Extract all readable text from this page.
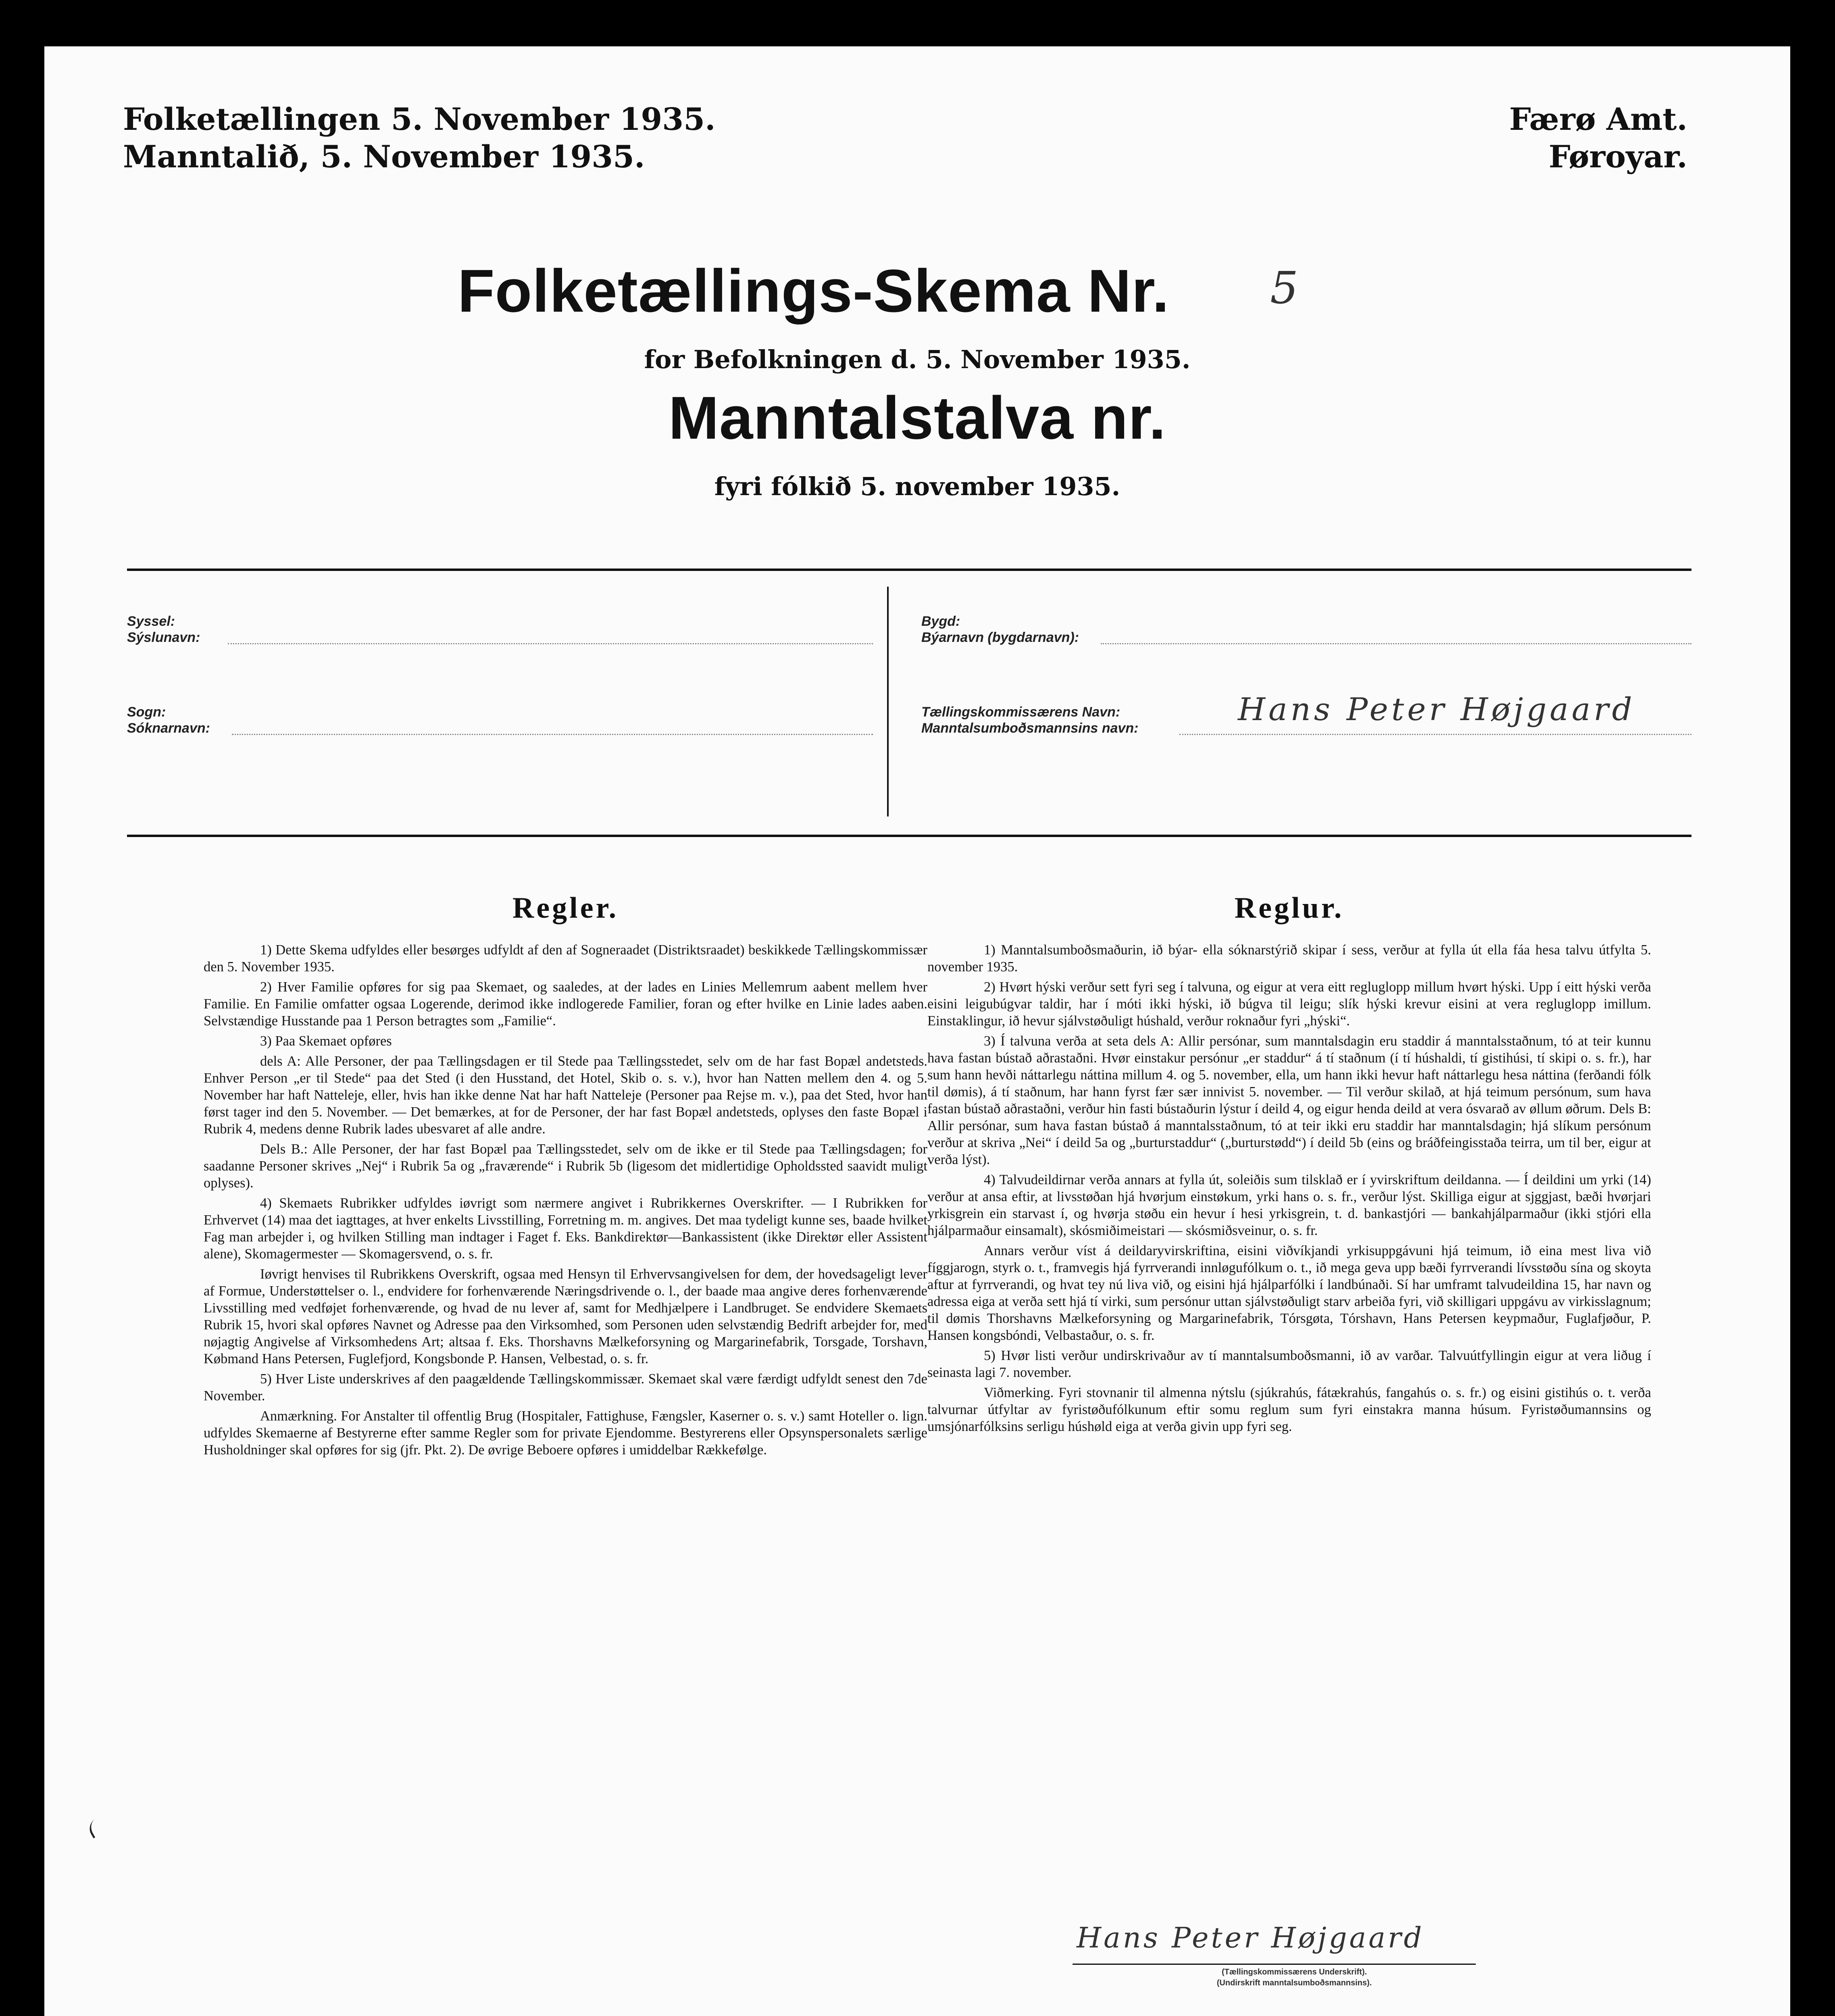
Folketællingen 5. November 1935.
Manntalið, 5. November 1935.
Færø Amt.
Føroyar.
Folketællings-Skema Nr. 5
for Befolkningen d. 5. November 1935.
Manntalstalva nr.
fyri fólkið 5. november 1935.
Syssel:
Sýslunavn:
Sogn:
Sóknarnavn:
Bygd:
Býarnavn (bygdarnavn):
Tællingskommissærens Navn:
Manntalsumboðsmannsins navn:
Hans Peter Højgaard
Regler.

1) Dette Skema udfyldes eller besørges udfyldt af den af Sogneraadet (Distriktsraadet) beskikkede Tællingskommissær den 5. November 1935.

2) Hver Familie opføres for sig paa Skemaet, og saaledes, at der lades en Linies Mellemrum aabent mellem hver Familie. En Familie omfatter ogsaa Logerende, derimod ikke indlogerede Familier, foran og efter hvilke en Linie lades aaben. Selvstændige Husstande paa 1 Person betragtes som „Familie“.

3) Paa Skemaet opføres

dels A: Alle Personer, der paa Tællingsdagen er til Stede paa Tællingsstedet, selv om de har fast Bopæl andetsteds. Enhver Person „er til Stede“ paa det Sted (i den Husstand, det Hotel, Skib o. s. v.), hvor han Natten mellem den 4. og 5. November har haft Natteleje, eller, hvis han ikke denne Nat har haft Natteleje (Personer paa Rejse m. v.), paa det Sted, hvor han først tager ind den 5. November. — Det bemærkes, at for de Personer, der har fast Bopæl andetsteds, oplyses den faste Bopæl i Rubrik 4, medens denne Rubrik lades ubesvaret af alle andre.

Dels B.: Alle Personer, der har fast Bopæl paa Tællingsstedet, selv om de ikke er til Stede paa Tællingsdagen; for saadanne Personer skrives „Nej“ i Rubrik 5a og „fraværende“ i Rubrik 5b (ligesom det midlertidige Opholdssted saavidt muligt oplyses).

4) Skemaets Rubrikker udfyldes iøvrigt som nærmere angivet i Rubrikkernes Overskrifter. — I Rubrikken for Erhvervet (14) maa det iagttages, at hver enkelts Livsstilling, Forretning m. m. angives. Det maa tydeligt kunne ses, baade hvilket Fag man arbejder i, og hvilken Stilling man indtager i Faget f. Eks. Bankdirektør—Bankassistent (ikke Direktør eller Assistent alene), Skomagermester — Skomagersvend, o. s. fr.

Iøvrigt henvises til Rubrikkens Overskrift, ogsaa med Hensyn til Erhvervsangivelsen for dem, der hovedsageligt lever af Formue, Understøttelser o. l., endvidere for forhenværende Næringsdrivende o. l., der baade maa angive deres forhenværende Livsstilling med vedføjet forhenværende, og hvad de nu lever af, samt for Medhjælpere i Landbruget. Se endvidere Skemaets Rubrik 15, hvori skal opføres Navnet og Adresse paa den Virksomhed, som Personen uden selvstændig Bedrift arbejder for, med nøjagtig Angivelse af Virksomhedens Art; altsaa f. Eks. Thorshavns Mælkeforsyning og Margarinefabrik, Torsgade, Torshavn, Købmand Hans Petersen, Fuglefjord, Kongsbonde P. Hansen, Velbestad, o. s. fr.

5) Hver Liste underskrives af den paagældende Tællingskommissær. Skemaet skal være færdigt udfyldt senest den 7de November.

Anmærkning. For Anstalter til offentlig Brug (Hospitaler, Fattighuse, Fængsler, Kaserner o. s. v.) samt Hoteller o. lign. udfyldes Skemaerne af Bestyrerne efter samme Regler som for private Ejendomme. Bestyrerens eller Opsynspersonalets særlige Husholdninger skal opføres for sig (jfr. Pkt. 2). De øvrige Beboere opføres i umiddelbar Rækkefølge.

Reglur.

1) Manntalsumboðsmaðurin, ið býar- ella sóknarstýrið skipar í sess, verður at fylla út ella fáa hesa talvu útfylta 5. november 1935.

2) Hvørt hýski verður sett fyri seg í talvuna, og eigur at vera eitt regluglopp millum hvørt hýski. Upp í eitt hýski verða eisini leigubúgvar taldir, har í móti ikki hýski, ið búgva til leigu; slík hýski krevur eisini at vera regluglopp imillum. Einstaklingur, ið hevur sjálvstøðuligt húshald, verður roknaður fyri „hýski“.

3) Í talvuna verða at seta dels A: Allir persónar, sum manntalsdagin eru staddir á manntalsstaðnum, tó at teir kunnu hava fastan bústað aðrastaðni. Hvør einstakur persónur „er staddur“ á tí staðnum (í tí húshaldi, tí gistihúsi, tí skipi o. s. fr.), har sum hann hevði náttarlegu náttina millum 4. og 5. november, ella, um hann ikki hevur haft náttarlegu hesa náttina (ferðandi fólk til dømis), á tí staðnum, har hann fyrst fær sær innivist 5. november. — Til verður skilað, at hjá teimum persónum, sum hava fastan bústað aðrastaðni, verður hin fasti bústaðurin lýstur í deild 4, og eigur henda deild at vera ósvarað av øllum øðrum. Dels B: Allir persónar, sum hava fastan bústað á manntalsstaðnum, tó at teir ikki eru staddir har manntalsdagin; hjá slíkum persónum verður at skriva „Nei“ í deild 5a og „burturstaddur“ („burturstødd“) í deild 5b (eins og bráðfeingisstaða teirra, um til ber, eigur at verða lýst).

4) Talvudeildirnar verða annars at fylla út, soleiðis sum tilsklað er í yvirskriftum deildanna. — Í deildini um yrki (14) verður at ansa eftir, at livsstøðan hjá hvørjum einstøkum, yrki hans o. s. fr., verður lýst. Skilliga eigur at sjggjast, bæði hvørjari yrkisgrein ein starvast í, og hvørja støðu ein hevur í hesi yrkisgrein, t. d. bankastjóri — bankahjálparmaður (ikki stjóri ella hjálparmaður einsamalt), skósmiðimeistari — skósmiðsveinur, o. s. fr.

Annars verður víst á deildaryvirskriftina, eisini viðvíkjandi yrkisuppgávuni hjá teimum, ið eina mest liva við fíggjarogn, styrk o. t., framvegis hjá fyrrverandi innløgufólkum o. t., ið mega geva upp bæði fyrrverandi lívsstøðu sína og skoyta aftur at fyrrverandi, og hvat tey nú liva við, og eisini hjá hjálparfólki í landbúnaði. Sí har umframt talvudeildina 15, har navn og adressa eiga at verða sett hjá tí virki, sum persónur uttan sjálvstøðuligt starv arbeiða fyri, við skilligari uppgávu av virkisslagnum; til dømis Thorshavns Mælkeforsyning og Margarinefabrik, Tórsgøta, Tórshavn, Hans Petersen keypmaður, Fuglafjøður, P. Hansen kongsbóndi, Velbastaður, o. s. fr.

5) Hvør listi verður undirskrivaður av tí manntalsumboðsmanni, ið av varðar. Talvuútfyllingin eigur at vera liðug í seinasta lagi 7. november.

Viðmerking. Fyri stovnanir til almenna nýtslu (sjúkrahús, fátækrahús, fangahús o. s. fr.) og eisini gistihús o. t. verða talvurnar útfyltar av fyristøðufólkunum eftir somu reglum sum fyri einstakra manna húsum. Fyristøðumannsins og umsjónarfólksins serligu húshøld eiga at verða givin upp fyri seg.

Hans Peter Højgaard
(Tællingskommissærens Underskrift).
(Undirskrift manntalsumboðsmannsins).
